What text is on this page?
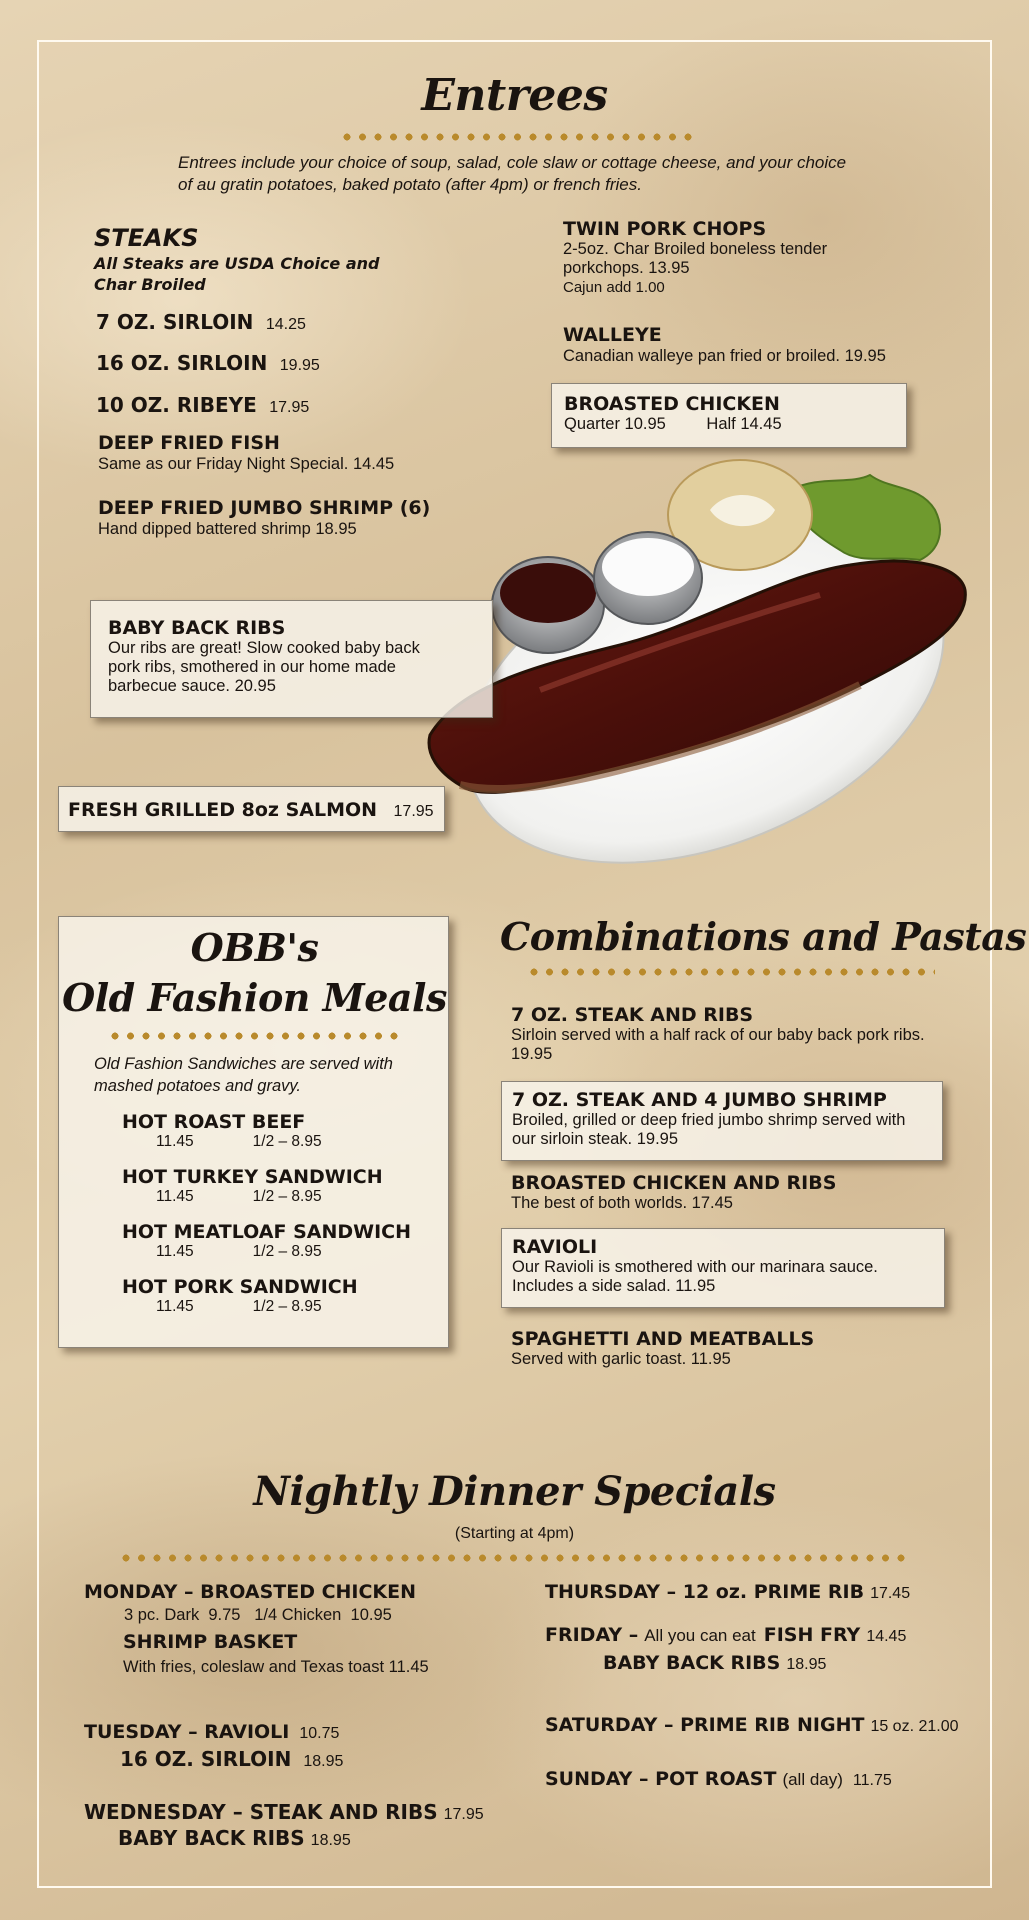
Entrees
Entrees include your choice of soup, salad, cole slaw or cottage cheese, and your choice of au gratin potatoes, baked potato (after 4pm) or french fries.
STEAKS
All Steaks are USDA Choice and Char Broiled
7 OZ. SIRLOIN 14.25
16 OZ. SIRLOIN 19.95
10 OZ. RIBEYE 17.95
DEEP FRIED FISH
Same as our Friday Night Special. 14.45
DEEP FRIED JUMBO SHRIMP (6)
Hand dipped battered shrimp 18.95
TWIN PORK CHOPS
2-5oz. Char Broiled boneless tender
porkchops. 13.95
Cajun add 1.00
WALLEYE
Canadian walleye pan fried or broiled. 19.95
BROASTED CHICKEN
Quarter 10.95 Half 14.45
BABY BACK RIBS
Our ribs are great! Slow cooked baby back pork ribs, smothered in our home made barbecue sauce. 20.95
FRESH GRILLED 8oz SALMON 17.95
OBB's
Old Fashion Meals
Old Fashion Sandwiches are served with mashed potatoes and gravy.
HOT ROAST BEEF
11.45	1/2 – 8.95
HOT TURKEY SANDWICH
11.45	1/2 – 8.95
HOT MEATLOAF SANDWICH
11.45	1/2 – 8.95
HOT PORK SANDWICH
11.45	1/2 – 8.95
Combinations and Pastas
7 OZ. STEAK AND RIBS
Sirloin served with a half rack of our baby back pork ribs. 19.95
7 OZ. STEAK AND 4 JUMBO SHRIMP
Broiled, grilled or deep fried jumbo shrimp served with our sirloin steak. 19.95
BROASTED CHICKEN AND RIBS
The best of both worlds. 17.45
RAVIOLI
Our Ravioli is smothered with our marinara sauce. Includes a side salad. 11.95
SPAGHETTI AND MEATBALLS
Served with garlic toast. 11.95
Nightly Dinner Specials
(Starting at 4pm)
MONDAY – BROASTED CHICKEN
3 pc. Dark  9.75   1/4 Chicken  10.95
SHRIMP BASKET
With fries, coleslaw and Texas toast 11.45
TUESDAY – RAVIOLI 10.75
16 OZ. SIRLOIN 18.95
WEDNESDAY – STEAK AND RIBS 17.95
BABY BACK RIBS 18.95
THURSDAY – 12 oz. PRIME RIB 17.45
FRIDAY – All you can eat FISH FRY 14.45
BABY BACK RIBS 18.95
SATURDAY – PRIME RIB NIGHT 15 oz. 21.00
SUNDAY – POT ROAST (all day) 11.75
